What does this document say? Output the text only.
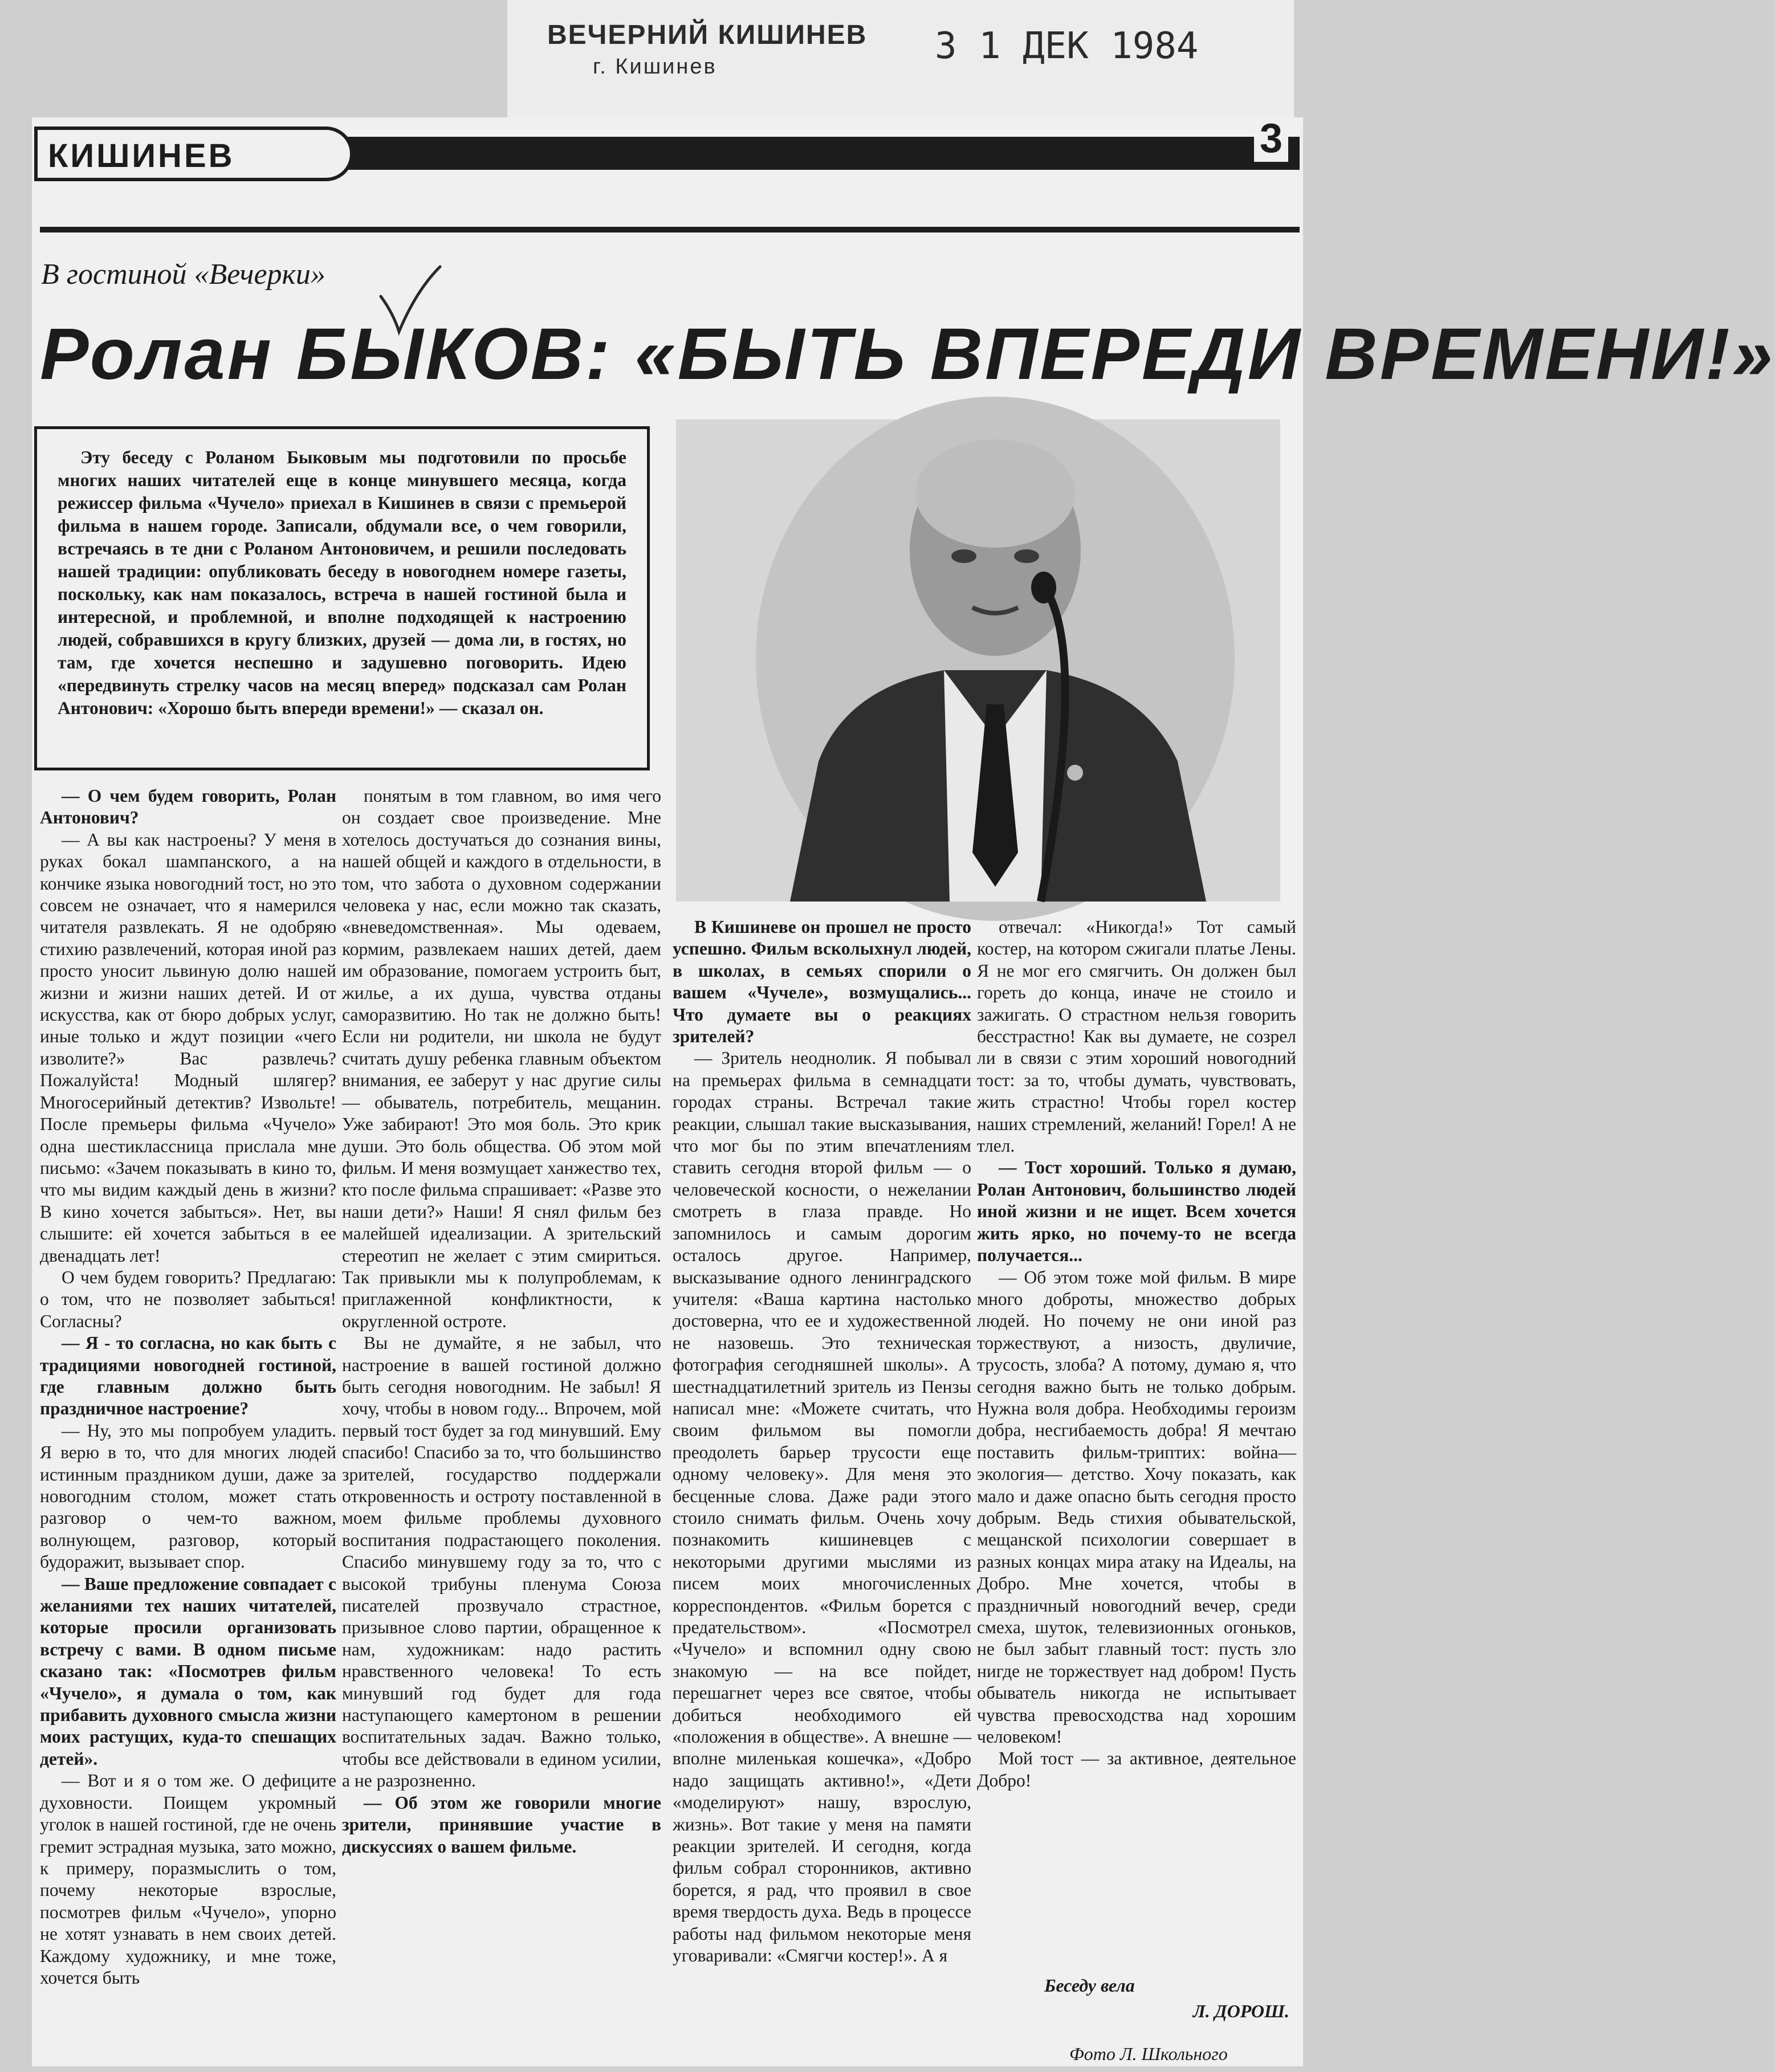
ВЕЧЕРНИЙ КИШИНЕВ
г. Кишинев	3 1 ДЕК 1984
КИШИНЕВ	3
В гостиной «Вечерки»
Ролан БЫКОВ: «БЫТЬ ВПЕРЕДИ ВРЕМЕНИ!»
Эту беседу с Роланом Быковым мы подготовили по просьбе многих наших читателей еще в конце минувшего месяца, когда режиссер фильма «Чучело» приехал в Кишинев в связи с премьерой фильма в нашем городе. Записали, обдумали все, о чем говорили, встречаясь в те дни с Роланом Антоновичем, и решили последовать нашей традиции: опубликовать беседу в новогоднем номере газеты, поскольку, как нам показалось, встреча в нашей гостиной была и интересной, и проблемной, и вполне подходящей к настроению людей, собравшихся в кругу близких, друзей — дома ли, в гостях, но там, где хочется неспешно и задушевно поговорить. Идею «передвинуть стрелку часов на месяц вперед» подсказал сам Ролан Антонович: «Хорошо быть впереди времени!» — сказал он.

— О чем будем говорить, Ролан Антонович?

— А вы как настроены? У меня в руках бокал шампанского, а на кончике языка новогодний тост, но это совсем не означает, что я намерился читателя развлекать. Я не одобряю стихию развлечений, которая иной раз просто уносит львиную долю нашей жизни и жизни наших детей. И от искусства, как от бюро добрых услуг, иные только и ждут позиции «чего изволите?» Вас развлечь? Пожалуйста! Модный шлягер? Многосерийный детектив? Извольте! После премьеры фильма «Чучело» одна шестиклассница прислала мне письмо: «Зачем показывать в кино то, что мы видим каждый день в жизни? В кино хочется забыться». Нет, вы слышите: ей хочется забыться в ее двенадцать лет!

О чем будем говорить? Предлагаю: о том, что не позволяет забыться! Согласны?

— Я - то согласна, но как быть с традициями новогодней гостиной, где главным должно быть праздничное настроение?

— Ну, это мы попробуем уладить. Я верю в то, что для многих людей истинным праздником души, даже за новогодним столом, может стать разговор о чем-то важном, волнующем, разговор, который будоражит, вызывает спор.

— Ваше предложение совпадает с желаниями тех наших читателей, которые просили организовать встречу с вами. В одном письме сказано так: «Посмотрев фильм «Чучело», я думала о том, как прибавить духовного смысла жизни моих растущих, куда-то спешащих детей».

— Вот и я о том же. О дефиците духовности. Поищем укромный уголок в нашей гостиной, где не очень гремит эстрадная музыка, зато можно, к примеру, поразмыслить о том, почему некоторые взрослые, посмотрев фильм «Чучело», упорно не хотят узнавать в нем своих детей. Каждому художнику, и мне тоже, хочется быть

понятым в том главном, во имя чего он создает свое произведение. Мне хотелось достучаться до сознания вины, нашей общей и каждого в отдельности, в том, что забота о духовном содержании человека у нас, если можно так сказать, «вневедомственная». Мы одеваем, кормим, развлекаем наших детей, даем им образование, помогаем устроить быт, жилье, а их душа, чувства отданы саморазвитию. Но так не должно быть! Если ни родители, ни школа не будут считать душу ребенка главным объектом внимания, ее заберут у нас другие силы — обыватель, потребитель, мещанин. Уже забирают! Это моя боль. Это крик души. Это боль общества. Об этом мой фильм. И меня возмущает ханжество тех, кто после фильма спрашивает: «Разве это наши дети?» Наши! Я снял фильм без малейшей идеализации. А зрительский стереотип не желает с этим смириться. Так привыкли мы к полупроблемам, к приглаженной конфликтности, к округленной остроте.

Вы не думайте, я не забыл, что настроение в вашей гостиной должно быть сегодня новогодним. Не забыл! Я хочу, чтобы в новом году... Впрочем, мой первый тост будет за год минувший. Ему спасибо! Спасибо за то, что большинство зрителей, государство поддержали откровенность и остроту поставленной в моем фильме проблемы духовного воспитания подрастающего поколения. Спасибо минувшему году за то, что с высокой трибуны пленума Союза писателей прозвучало страстное, призывное слово партии, обращенное к нам, художникам: надо растить нравственного человека! То есть минувший год будет для года наступающего камертоном в решении воспитательных задач. Важно только, чтобы все действовали в едином усилии, а не разрозненно.

— Об этом же говорили многие зрители, принявшие участие в дискуссиях о вашем фильме.

В Кишиневе он прошел не просто успешно. Фильм всколыхнул людей, в школах, в семьях спорили о вашем «Чучеле», возмущались... Что думаете вы о реакциях зрителей?

— Зритель неоднолик. Я побывал на премьерах фильма в семнадцати городах страны. Встречал такие реакции, слышал такие высказывания, что мог бы по этим впечатлениям ставить сегодня второй фильм — о человеческой косности, о нежелании смотреть в глаза правде. Но запомнилось и самым дорогим осталось другое. Например, высказывание одного ленинградского учителя: «Ваша картина настолько достоверна, что ее и художественной не назовешь. Это техническая фотография сегодняшней школы». А шестнадцатилетний зритель из Пензы написал мне: «Можете считать, что своим фильмом вы помогли преодолеть барьер трусости еще одному человеку». Для меня это бесценные слова. Даже ради этого стоило снимать фильм. Очень хочу познакомить кишиневцев с некоторыми другими мыслями из писем моих многочисленных корреспондентов. «Фильм борется с предательством». «Посмотрел «Чучело» и вспомнил одну свою знакомую — на все пойдет, перешагнет через все святое, чтобы добиться необходимого ей «положения в обществе». А внешне — вполне миленькая кошечка», «Добро надо защищать активно!», «Дети «моделируют» нашу, взрослую, жизнь». Вот такие у меня на памяти реакции зрителей. И сегодня, когда фильм собрал сторонников, активно борется, я рад, что проявил в свое время твердость духа. Ведь в процессе работы над фильмом некоторые меня уговаривали: «Смягчи костер!». А я

отвечал: «Никогда!» Тот самый костер, на котором сжигали платье Лены. Я не мог его смягчить. Он должен был гореть до конца, иначе не стоило и зажигать. О страстном нельзя говорить бесстрастно! Как вы думаете, не созрел ли в связи с этим хороший новогодний тост: за то, чтобы думать, чувствовать, жить страстно! Чтобы горел костер наших стремлений, желаний! Горел! А не тлел.

— Тост хороший. Только я думаю, Ролан Антонович, большинство людей иной жизни и не ищет. Всем хочется жить ярко, но почему-то не всегда получается...

— Об этом тоже мой фильм. В мире много доброты, множество добрых людей. Но почему не они иной раз торжествуют, а низость, двуличие, трусость, злоба? А потому, думаю я, что сегодня важно быть не только добрым. Нужна воля добра. Необходимы героизм добра, несгибаемость добра! Я мечтаю поставить фильм-триптих: война—экология— детство. Хочу показать, как мало и даже опасно быть сегодня просто добрым. Ведь стихия обывательской, мещанской психологии совершает в разных концах мира атаку на Идеалы, на Добро. Мне хочется, чтобы в праздничный новогодний вечер, среди смеха, шуток, телевизионных огоньков, не был забыт главный тост: пусть зло нигде не торжествует над добром! Пусть обыватель никогда не испытывает чувства превосходства над хорошим человеком!

Мой тост — за активное, деятельное Добро!

Беседу вела
Л. ДОРОШ.
Фото Л. Школьного
